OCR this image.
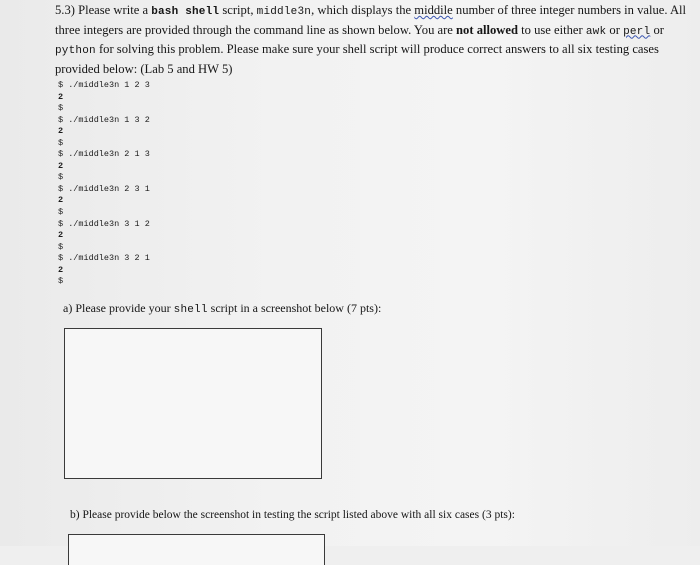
5.3) Please write a bash shell script, middle3n, which displays the middile number of three integer numbers in value. All three integers are provided through the command line as shown below. You are not allowed to use either awk or perl or python for solving this problem. Please make sure your shell script will produce correct answers to all six testing cases provided below: (Lab 5 and HW 5)

$ ./middle3n 1 2 3
2
$
$ ./middle3n 1 3 2
2
$
$ ./middle3n 2 1 3
2
$
$ ./middle3n 2 3 1
2
$
$ ./middle3n 3 1 2
2
$
$ ./middle3n 3 2 1
2
$
a) Please provide your shell script in a screenshot below (7 pts):
b) Please provide below the screenshot in testing the script listed above with all six cases (3 pts):
